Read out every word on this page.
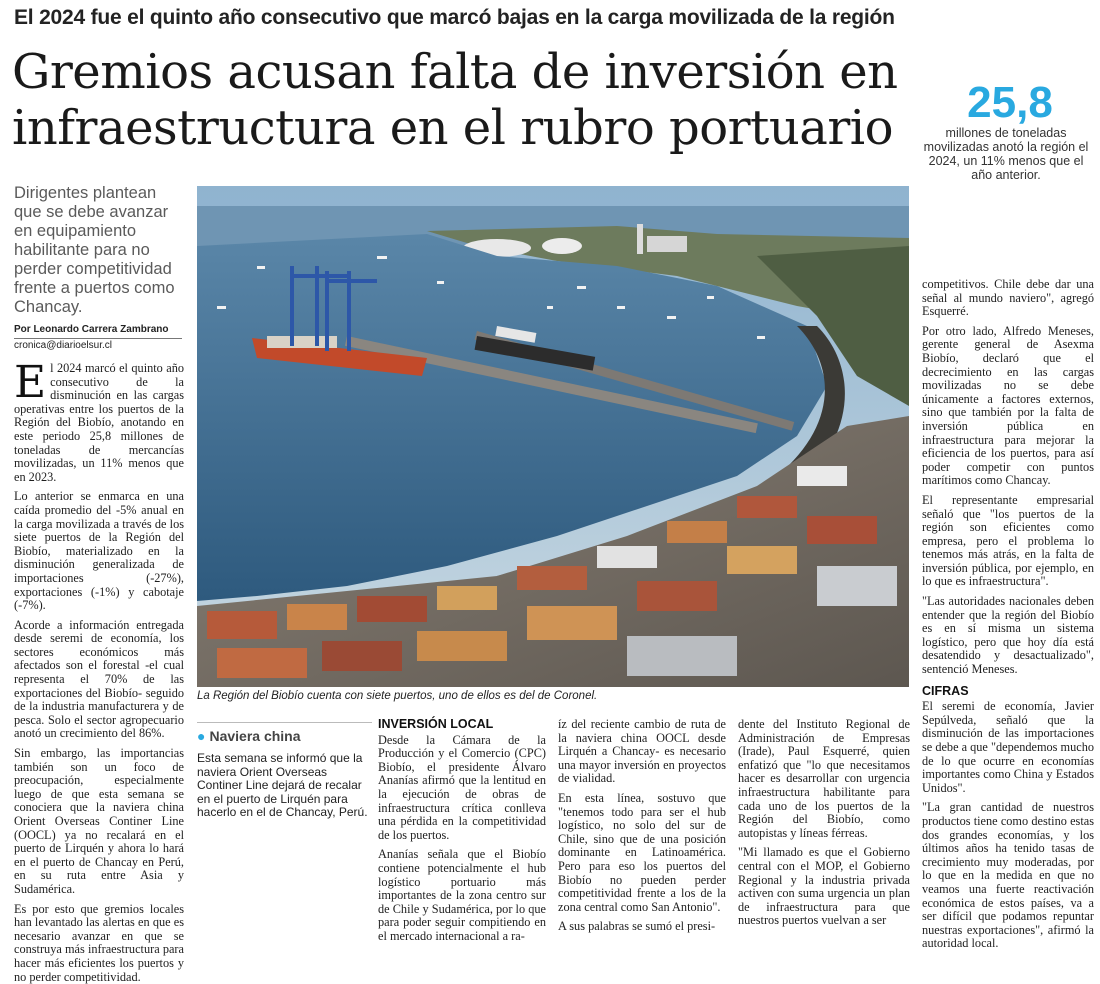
El 2024 fue el quinto año consecutivo que marcó bajas en la carga movilizada de la región
Gremios acusan falta de inversión en infraestructura en el rubro portuario	25,8
millones de toneladas movilizadas anotó la región el 2024, un 11% menos que el año anterior.
Dirigentes plantean que se debe avanzar en equipamiento habilitante para no perder competitividad frente a puertos como Chancay.
Por Leonardo Carrera Zambrano
cronica@diarioelsur.cl

El 2024 marcó el quinto año consecutivo de la disminución en las cargas operativas entre los puertos de la Región del Biobío, anotando en este periodo 25,8 millones de toneladas de mercancías movilizadas, un 11% menos que en 2023.

Lo anterior se enmarca en una caída promedio del -5% anual en la carga movilizada a través de los siete puertos de la Región del Biobío, materializado en la disminución generalizada de importaciones (-27%), exportaciones (-1%) y cabotaje (-7%).

Acorde a información entregada desde seremi de economía, los sectores económicos más afectados son el forestal -el cual representa el 70% de las exportaciones del Biobío- seguido de la industria manufacturera y de pesca. Solo el sector agropecuario anotó un crecimiento del 86%.

Sin embargo, las importancias también son un foco de preocupación, especialmente luego de que esta semana se conociera que la naviera china Orient Overseas Continer Line (OOCL) ya no recalará en el puerto de Lirquén y ahora lo hará en el puerto de Chancay en Perú, en su ruta entre Asia y Sudamérica.

Es por esto que gremios locales han levantado las alertas en que es necesario avanzar en que se construya más infraestructura para hacer más eficientes los puertos y no perder competitividad.

La Región del Biobío cuenta con siete puertos, uno de ellos es del de Coronel.
● Naviera china
Esta semana se informó que la naviera Orient Overseas Continer Line dejará de recalar en el puerto de Lirquén para hacerlo en el de Chancay, Perú.
INVERSIÓN LOCAL

Desde la Cámara de la Producción y el Comercio (CPC) Biobío, el presidente Álvaro Ananías afirmó que la lentitud en la ejecución de obras de infraestructura crítica conlleva una pérdida en la competitividad de los puertos.

Ananías señala que el Biobío contiene potencialmente el hub logístico portuario más importantes de la zona centro sur de Chile y Sudamérica, por lo que para poder seguir compitiendo en el mercado internacional a ra-

íz del reciente cambio de ruta de la naviera china OOCL desde Lirquén a Chancay- es necesario una mayor inversión en proyectos de vialidad.

En esta línea, sostuvo que "tenemos todo para ser el hub logístico, no solo del sur de Chile, sino que de una posición dominante en Latinoamérica. Pero para eso los puertos del Biobío no pueden perder competitividad frente a los de la zona central como San Antonio".

A sus palabras se sumó el presi-

dente del Instituto Regional de Administración de Empresas (Irade), Paul Esquerré, quien enfatizó que "lo que necesitamos hacer es desarrollar con urgencia infraestructura habilitante para cada uno de los puertos de la Región del Biobío, como autopistas y líneas férreas.

"Mi llamado es que el Gobierno central con el MOP, el Gobierno Regional y la industria privada activen con suma urgencia un plan de infraestructura para que nuestros puertos vuelvan a ser

competitivos. Chile debe dar una señal al mundo naviero", agregó Esquerré.

Por otro lado, Alfredo Meneses, gerente general de Asexma Biobío, declaró que el decrecimiento en las cargas movilizadas no se debe únicamente a factores externos, sino que también por la falta de inversión pública en infraestructura para mejorar la eficiencia de los puertos, para así poder competir con puntos marítimos como Chancay.

El representante empresarial señaló que "los puertos de la región son eficientes como empresa, pero el problema lo tenemos más atrás, en la falta de inversión pública, por ejemplo, en lo que es infraestructura".

"Las autoridades nacionales deben entender que la región del Biobío es en sí misma un sistema logístico, pero que hoy día está desatendido y desactualizado", sentenció Meneses.

CIFRAS

El seremi de economía, Javier Sepúlveda, señaló que la disminución de las importaciones se debe a que "dependemos mucho de lo que ocurre en economías importantes como China y Estados Unidos".

"La gran cantidad de nuestros productos tiene como destino estas dos grandes economías, y los últimos años ha tenido tasas de crecimiento muy moderadas, por lo que en la medida en que no veamos una fuerte reactivación económica de estos países, va a ser difícil que podamos repuntar nuestras exportaciones", afirmó la autoridad local.
